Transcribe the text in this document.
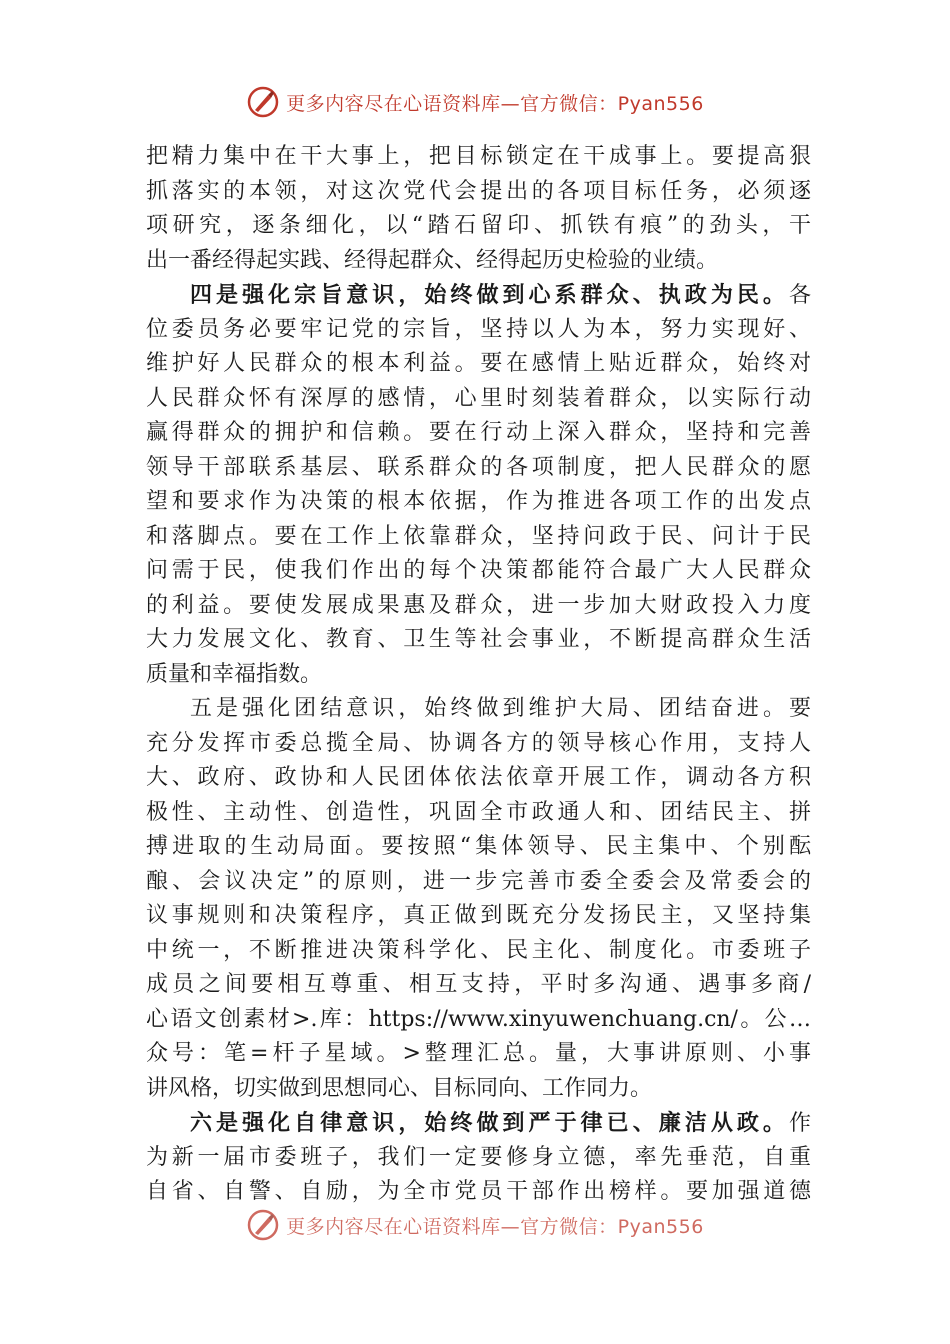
更多内容尽在心语资料库—官方微信：Pyan556
把精力集中在干大事上，把目标锁定在干成事上。要提高狠
抓落实的本领，对这次党代会提出的各项目标任务，必须逐
项研究，逐条细化，以“踏石留印、抓铁有痕”的劲头，干
出一番经得起实践、经得起群众、经得起历史检验的业绩。
四是强化宗旨意识，始终做到心系群众、执政为民。各
位委员务必要牢记党的宗旨，坚持以人为本，努力实现好、
维护好人民群众的根本利益。要在感情上贴近群众，始终对
人民群众怀有深厚的感情，心里时刻装着群众，以实际行动
赢得群众的拥护和信赖。要在行动上深入群众，坚持和完善
领导干部联系基层、联系群众的各项制度，把人民群众的愿
望和要求作为决策的根本依据，作为推进各项工作的出发点
和落脚点。要在工作上依靠群众，坚持问政于民、问计于民
问需于民，使我们作出的每个决策都能符合最广大人民群众
的利益。要使发展成果惠及群众，进一步加大财政投入力度
大力发展文化、教育、卫生等社会事业，不断提高群众生活
质量和幸福指数。
五是强化团结意识，始终做到维护大局、团结奋进。要
充分发挥市委总揽全局、协调各方的领导核心作用，支持人
大、政府、政协和人民团体依法依章开展工作，调动各方积
极性、主动性、创造性，巩固全市政通人和、团结民主、拼
搏进取的生动局面。要按照“集体领导、民主集中、个别酝
酿、会议决定”的原则，进一步完善市委全委会及常委会的
议事规则和决策程序，真正做到既充分发扬民主，又坚持集
中统一，不断推进决策科学化、民主化、制度化。市委班子
成员之间要相互尊重、相互支持，平时多沟通、遇事多商/
心语文创素材>.库：https://www.xinyuwenchuang.cn/。公…
众号：笔=杆子星域。>整理汇总。量，大事讲原则、小事
讲风格，切实做到思想同心、目标同向、工作同力。
六是强化自律意识，始终做到严于律已、廉洁从政。作
为新一届市委班子，我们一定要修身立德，率先垂范，自重
自省、自警、自励，为全市党员干部作出榜样。要加强道德
更多内容尽在心语资料库—官方微信：Pyan556
